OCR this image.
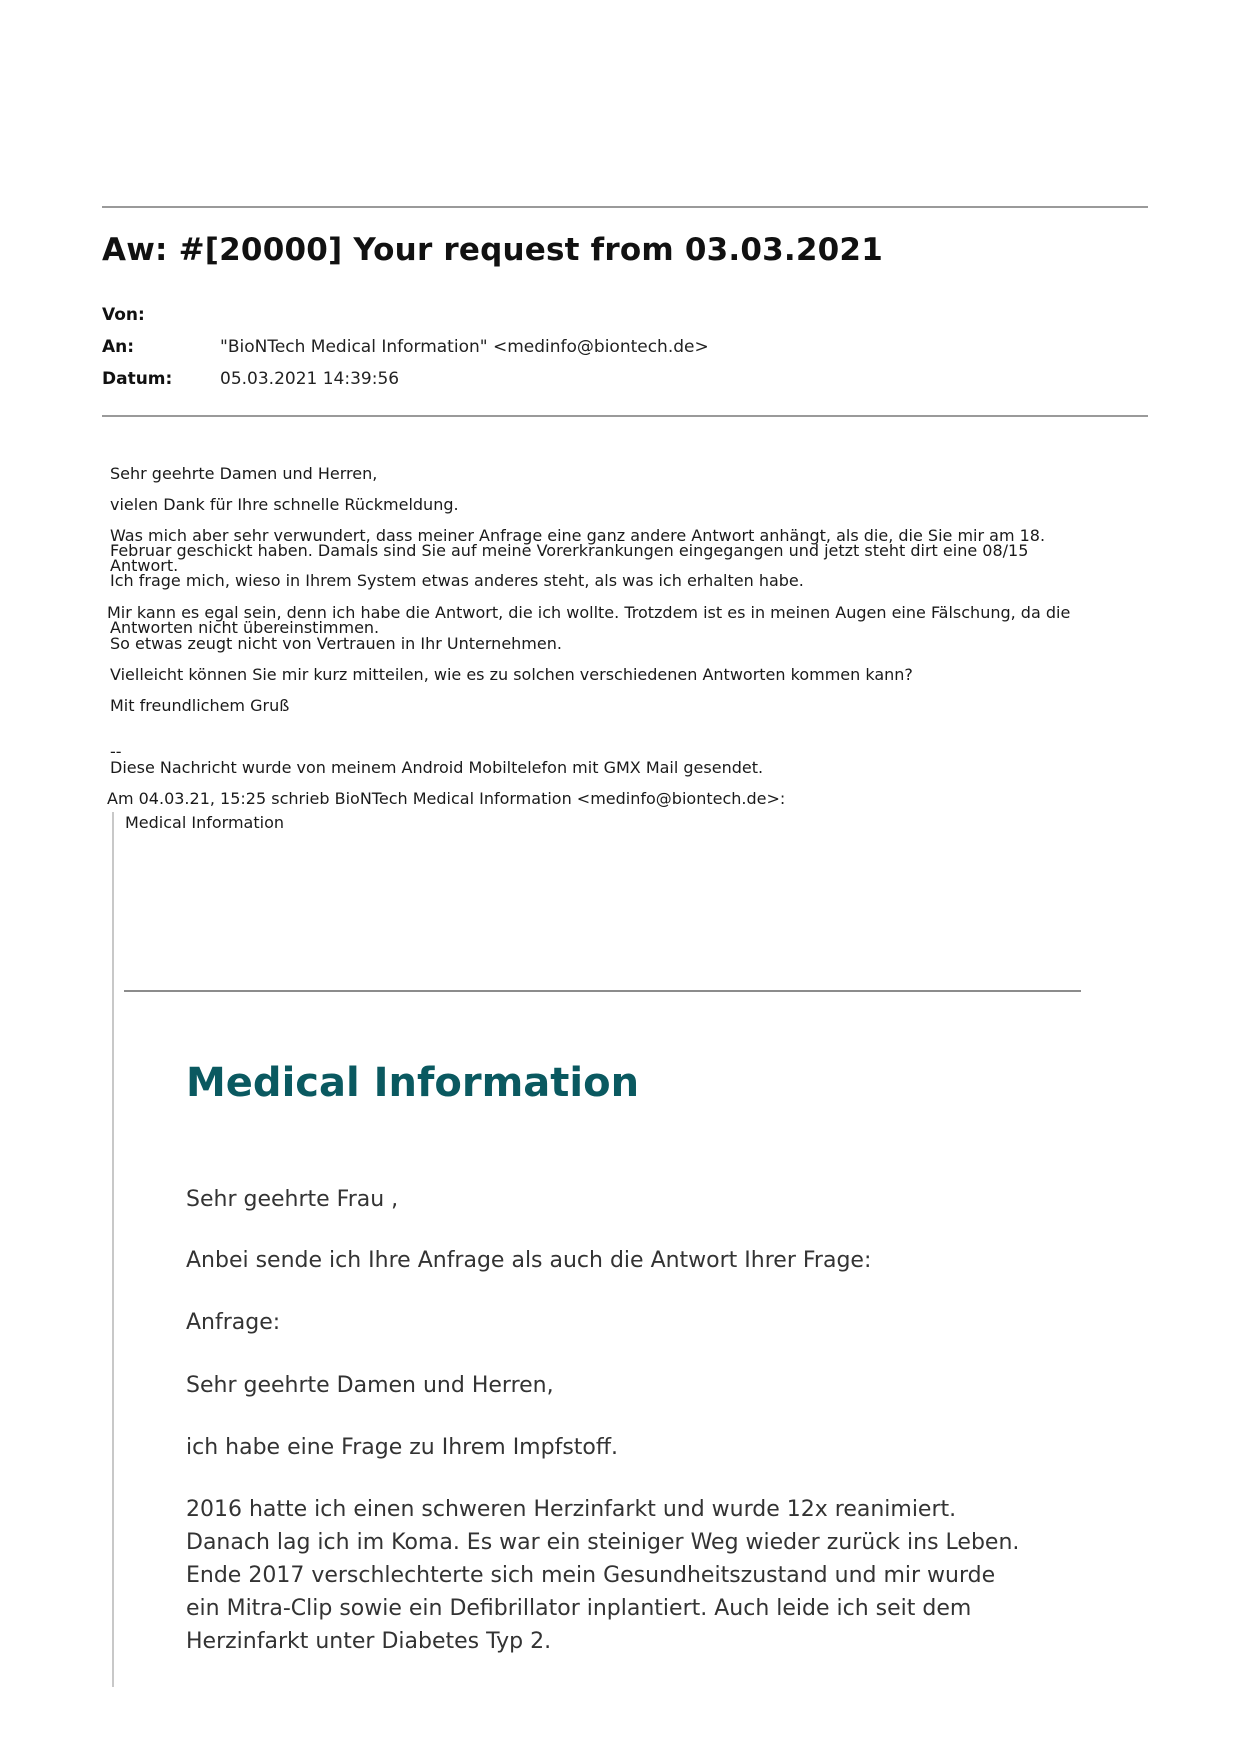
Aw: #[20000] Your request from 03.03.2021
Von:
An:	"BioNTech Medical Information" <medinfo@biontech.de>
Datum:	05.03.2021 14:39:56
Sehr geehrte Damen und Herren,
vielen Dank für Ihre schnelle Rückmeldung.
Was mich aber sehr verwundert, dass meiner Anfrage eine ganz andere Antwort anhängt, als die, die Sie mir am 18.
Februar geschickt haben. Damals sind Sie auf meine Vorerkrankungen eingegangen und jetzt steht dirt eine 08/15
Antwort.
Ich frage mich, wieso in Ihrem System etwas anderes steht, als was ich erhalten habe.
Mir kann es egal sein, denn ich habe die Antwort, die ich wollte. Trotzdem ist es in meinen Augen eine Fälschung, da die
Antworten nicht übereinstimmen.
So etwas zeugt nicht von Vertrauen in Ihr Unternehmen.
Vielleicht können Sie mir kurz mitteilen, wie es zu solchen verschiedenen Antworten kommen kann?
Mit freundlichem Gruß
--
Diese Nachricht wurde von meinem Android Mobiltelefon mit GMX Mail gesendet.
Am 04.03.21, 15:25 schrieb BioNTech Medical Information <medinfo@biontech.de>:
Medical Information
Medical Information
Sehr geehrte Frau ,
Anbei sende ich Ihre Anfrage als auch die Antwort Ihrer Frage:
Anfrage:
Sehr geehrte Damen und Herren,
ich habe eine Frage zu Ihrem Impfstoff.
2016 hatte ich einen schweren Herzinfarkt und wurde 12x reanimiert.
Danach lag ich im Koma. Es war ein steiniger Weg wieder zurück ins Leben.
Ende 2017 verschlechterte sich mein Gesundheitszustand und mir wurde
ein Mitra-Clip sowie ein Defibrillator inplantiert. Auch leide ich seit dem
Herzinfarkt unter Diabetes Typ 2.
